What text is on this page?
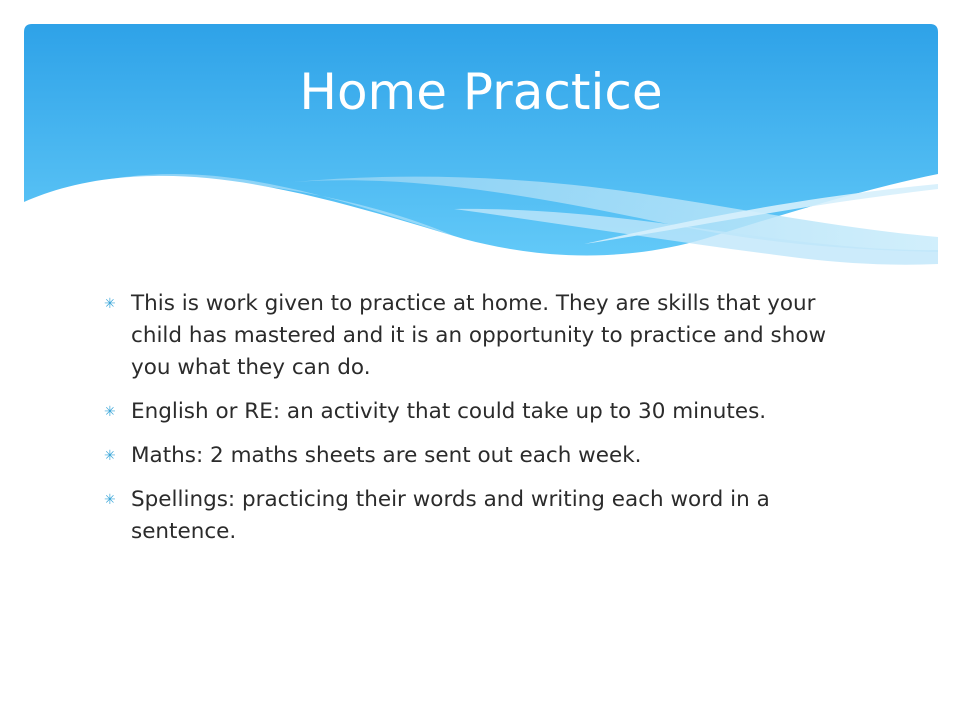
Home Practice
✳ This is work given to practice at home. They are skills that your child has mastered and it is an opportunity to practice and show you what they can do.
✳ English or RE: an activity that could take up to 30 minutes.
✳ Maths: 2 maths sheets are sent out each week.
✳ Spellings: practicing their words and writing each word in a sentence.
